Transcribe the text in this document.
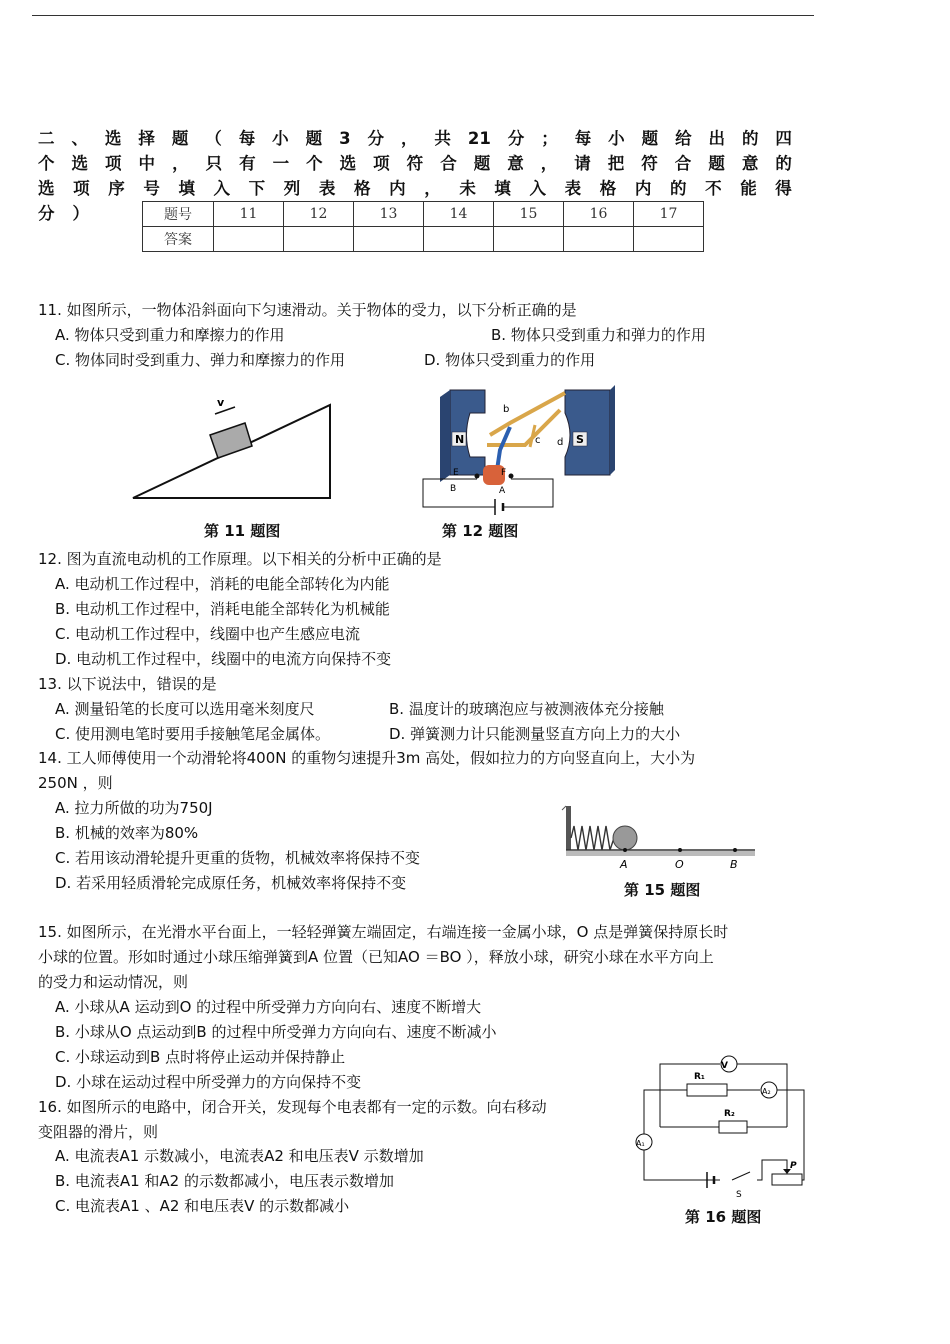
二 、 选 择 题 （ 每 小 题 3 分 ， 共 21 分 ； 每 小 题 给 出 的 四
个 选 项 中 ， 只 有 一 个 选 项 符 合 题 意 ， 请 把 符 合 题 意 的
选 项 序 号 填 入 下 列 表 格 内 ， 未 填 入 表 格 内 的 不 能 得
分 ）	题号	11	12	13	14	15	16	17
答案							
11. 如图所示，一物体沿斜面向下匀速滑动。关于物体的受力，以下分析正确的是
A. 物体只受到重力和摩擦力的作用	B. 物体只受到重力和弹力的作用
C. 物体同时受到重力、弹力和摩擦力的作用	D. 物体只受到重力的作用
v
第 11 题图
N	S
a
b
c d
E	F
B	A
第 12 题图
12. 图为直流电动机的工作原理。以下相关的分析中正确的是
A. 电动机工作过程中，消耗的电能全部转化为内能
B. 电动机工作过程中，消耗电能全部转化为机械能
C. 电动机工作过程中，线圈中也产生感应电流
D. 电动机工作过程中，线圈中的电流方向保持不变
13. 以下说法中，错误的是
A. 测量铅笔的长度可以选用毫米刻度尺	B. 温度计的玻璃泡应与被测液体充分接触
C. 使用测电笔时要用手接触笔尾金属体。	D. 弹簧测力计只能测量竖直方向上力的大小
14. 工人师傅使用一个动滑轮将400N 的重物匀速提升3m 高处，假如拉力的方向竖直向上，大小为
250N ，则
A. 拉力所做的功为750J
B. 机械的效率为80%
C. 若用该动滑轮提升更重的货物，机械效率将保持不变
D. 若采用轻质滑轮完成原任务，机械效率将保持不变
A	O	B
第 15 题图
15. 如图所示，在光滑水平台面上，一轻轻弹簧左端固定，右端连接一金属小球，O 点是弹簧保持原长时
小球的位置。形如时通过小球压缩弹簧到A 位置（已知AO ＝BO ），释放小球，研究小球在水平方向上
的受力和运动情况，则
A. 小球从A 运动到O 的过程中所受弹力方向向右、速度不断增大
B. 小球从O 点运动到B 的过程中所受弹力方向向右、速度不断减小
C. 小球运动到B 点时将停止运动并保持静止
D. 小球在运动过程中所受弹力的方向保持不变
V
R₁
R₂
A₁
A₂
S
P
第 16 题图
16. 如图所示的电路中，闭合开关，发现每个电表都有一定的示数。向右移动
变阻器的滑片，则
A. 电流表A1 示数减小，电流表A2 和电压表V 示数增加
B. 电流表A1 和A2 的示数都减小，电压表示数增加
C. 电流表A1 、A2 和电压表V 的示数都减小
